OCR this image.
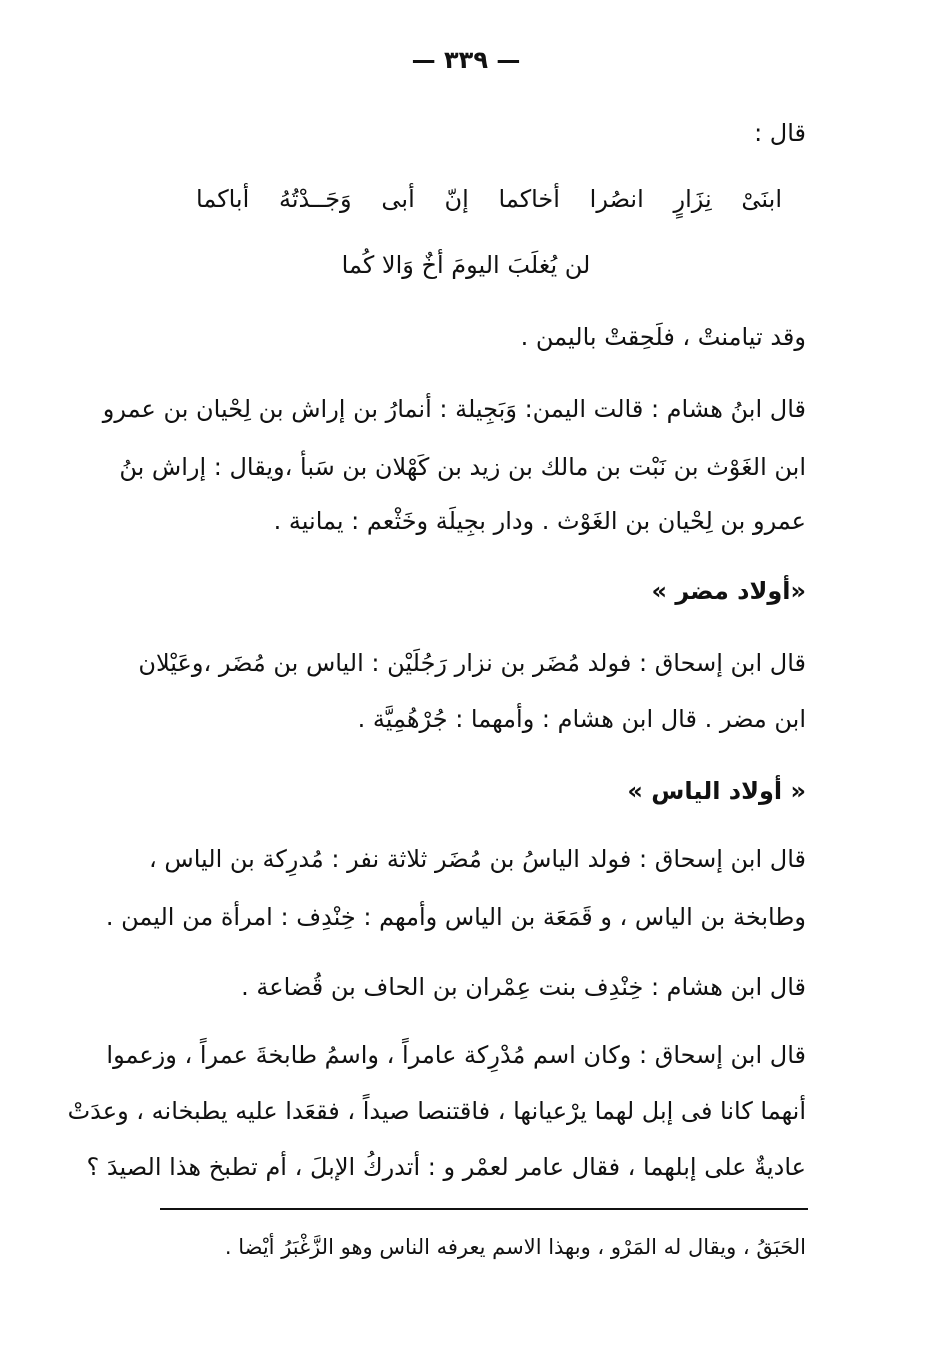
— ٣٣٩ —
قال :
ابنَىْ نِزَارٍ انصُرا أخاكما إنّ أبى وَجَــدْتُهُ أباكما
لن يُغلَبَ اليومَ أخٌ وَالا كُما
وقد تيامنتْ ، فلَحِقتْ باليمن .
قال ابنُ هشام : قالت اليمن: وَبَجِيلة : أنمارُ بن إراش بن لِحْيان بن عمرو
ابن الغَوْث بن نَبْت بن مالك بن زيد بن كَهْلان بن سَبأ ،ويقال : إراش بنُ
عمرو بن لِحْيان بن الغَوْث . ودار بجِيلَة وخَثْعم : يمانية .
«أولاد مضر »
قال ابن إسحاق : فولد مُضَر بن نزار رَجُلَيْن : الياس بن مُضَر ،وعَيْلان
ابن مضر . قال ابن هشام : وأمهما : جُرْهُمِيَّة .
« أولاد الياس »
قال ابن إسحاق : فولد الياسُ بن مُضَر ثلاثة نفر : مُدرِكة بن الياس ،
وطابخة بن الياس ، و قَمَعَة بن الياس وأمهم : خِنْدِف : امرأة من اليمن .
قال ابن هشام : خِنْدِف بنت عِمْران بن الحاف بن قُضاعة .
قال ابن إسحاق : وكان اسم مُدْرِكة عامراً ، واسمُ طابخةَ عمراً ، وزعموا
أنهما كانا فى إبل لهما يرْعيانها ، فاقتنصا صيداً ، فقعَدا عليه يطبخانه ، وعدَتْ
عاديةٌ على إبلهما ، فقال عامر لعمْر و : أتدركُ الإبلَ ، أم تطبخ هذا الصيدَ ؟
الحَبَقُ ، ويقال له المَرْو ، وبهذا الاسم يعرفه الناس وهو الزَّغْبَرُ أيْضا .
